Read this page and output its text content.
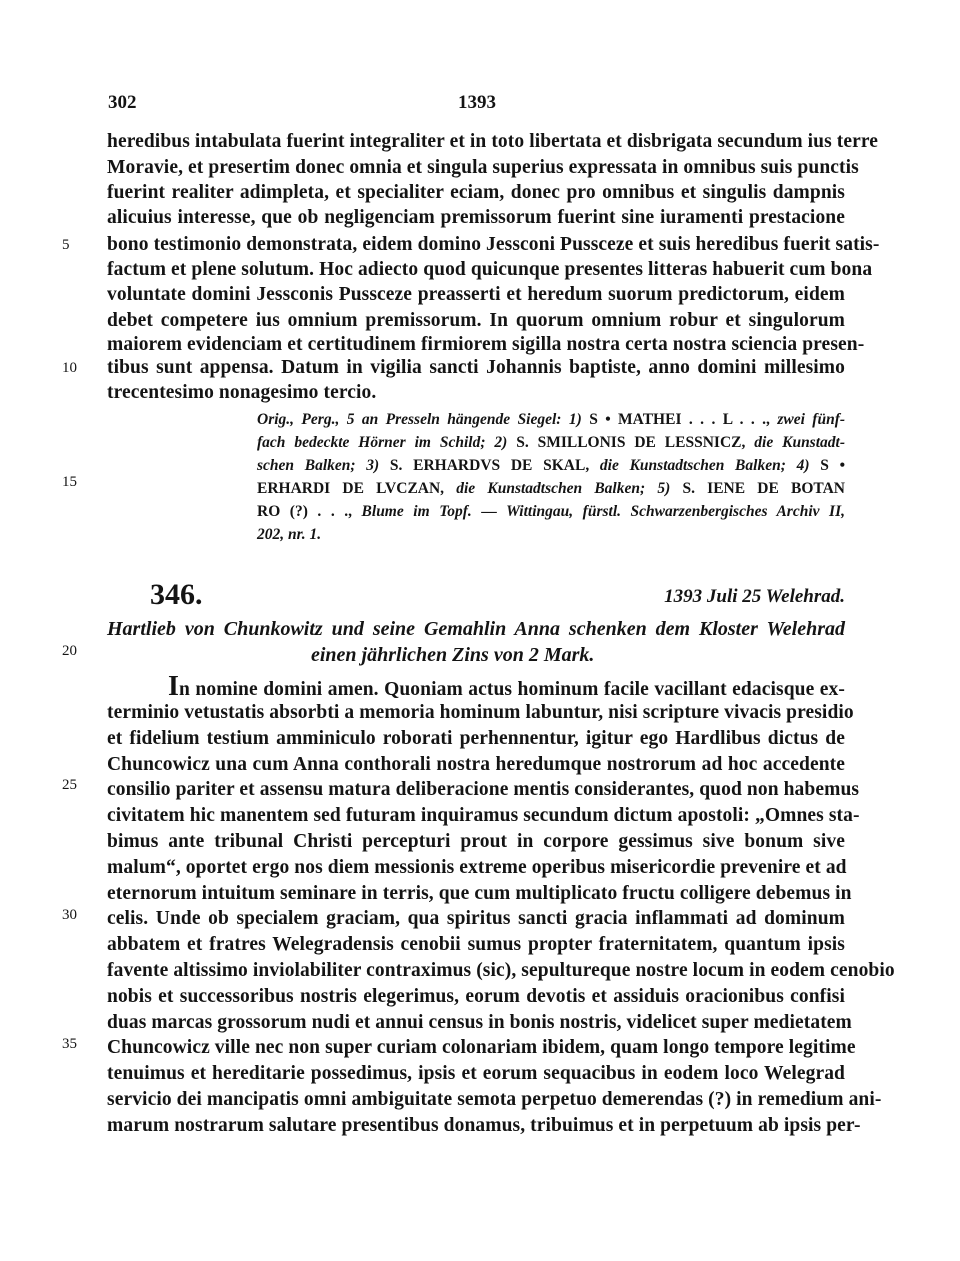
302	1393
heredibus intabulata fuerint integraliter et in toto libertata et disbrigata secundum ius terre
Moravie, et presertim donec omnia et singula superius expressata in omnibus suis punctis
fuerint realiter adimpleta, et specialiter eciam, donec pro omnibus et singulis dampnis
alicuius interesse, que ob negligenciam premissorum fuerint sine iuramenti prestacione
bono testimonio demonstrata, eidem domino Jessconi Pussceze et suis heredibus fuerit satis-
factum et plene solutum. Hoc adiecto quod quicunque presentes litteras habuerit cum bona
voluntate domini Jessconis Pussceze preasserti et heredum suorum predictorum, eidem
debet competere ius omnium premissorum. In quorum omnium robur et singulorum
maiorem evidenciam et certitudinem firmiorem sigilla nostra certa nostra sciencia presen-
tibus sunt appensa. Datum in vigilia sancti Johannis baptiste, anno domini millesimo
trecentesimo nonagesimo tercio.
Orig., Perg., 5 an Presseln hängende Siegel: 1) S • MATHEI . . . L . . ., zwei fünf-
fach bedeckte Hörner im Schild; 2) S. SMILLONIS DE LESSNICZ, die Kunstadt-
schen Balken; 3) S. ERHARDVS DE SKAL, die Kunstadtschen Balken; 4) S •
ERHARDI DE LVCZAN, die Kunstadtschen Balken; 5) S. IENE DE BOTAN
RO (?) . . ., Blume im Topf. — Wittingau, fürstl. Schwarzenbergisches Archiv II,
202, nr. 1.
346.	1393 Juli 25 Welehrad.
Hartlieb von Chunkowitz und seine Gemahlin Anna schenken dem Kloster Welehrad
einen jährlichen Zins von 2 Mark.
In nomine domini amen. Quoniam actus hominum facile vacillant edacisque ex-
terminio vetustatis absorbti a memoria hominum labuntur, nisi scripture vivacis presidio
et fidelium testium amminiculo roborati perhennentur, igitur ego Hardlibus dictus de
Chuncowicz una cum Anna conthorali nostra heredumque nostrorum ad hoc accedente
consilio pariter et assensu matura deliberacione mentis considerantes, quod non habemus
civitatem hic manentem sed futuram inquiramus secundum dictum apostoli: „Omnes sta-
bimus ante tribunal Christi percepturi prout in corpore gessimus sive bonum sive
malum“, oportet ergo nos diem messionis extreme operibus misericordie prevenire et ad
eternorum intuitum seminare in terris, que cum multiplicato fructu colligere debemus in
celis. Unde ob specialem graciam, qua spiritus sancti gracia inflammati ad dominum
abbatem et fratres Welegradensis cenobii sumus propter fraternitatem, quantum ipsis
favente altissimo inviolabiliter contraximus (sic), sepultureque nostre locum in eodem cenobio
nobis et successoribus nostris elegerimus, eorum devotis et assiduis oracionibus confisi
duas marcas grossorum nudi et annui census in bonis nostris, videlicet super medietatem
Chuncowicz ville nec non super curiam colonariam ibidem, quam longo tempore legitime
tenuimus et hereditarie possedimus, ipsis et eorum sequacibus in eodem loco Welegrad
servicio dei mancipatis omni ambiguitate semota perpetuo demerendas (?) in remedium ani-
marum nostrarum salutare presentibus donamus, tribuimus et in perpetuum ab ipsis per-
5
10
15
20
25
30
35
